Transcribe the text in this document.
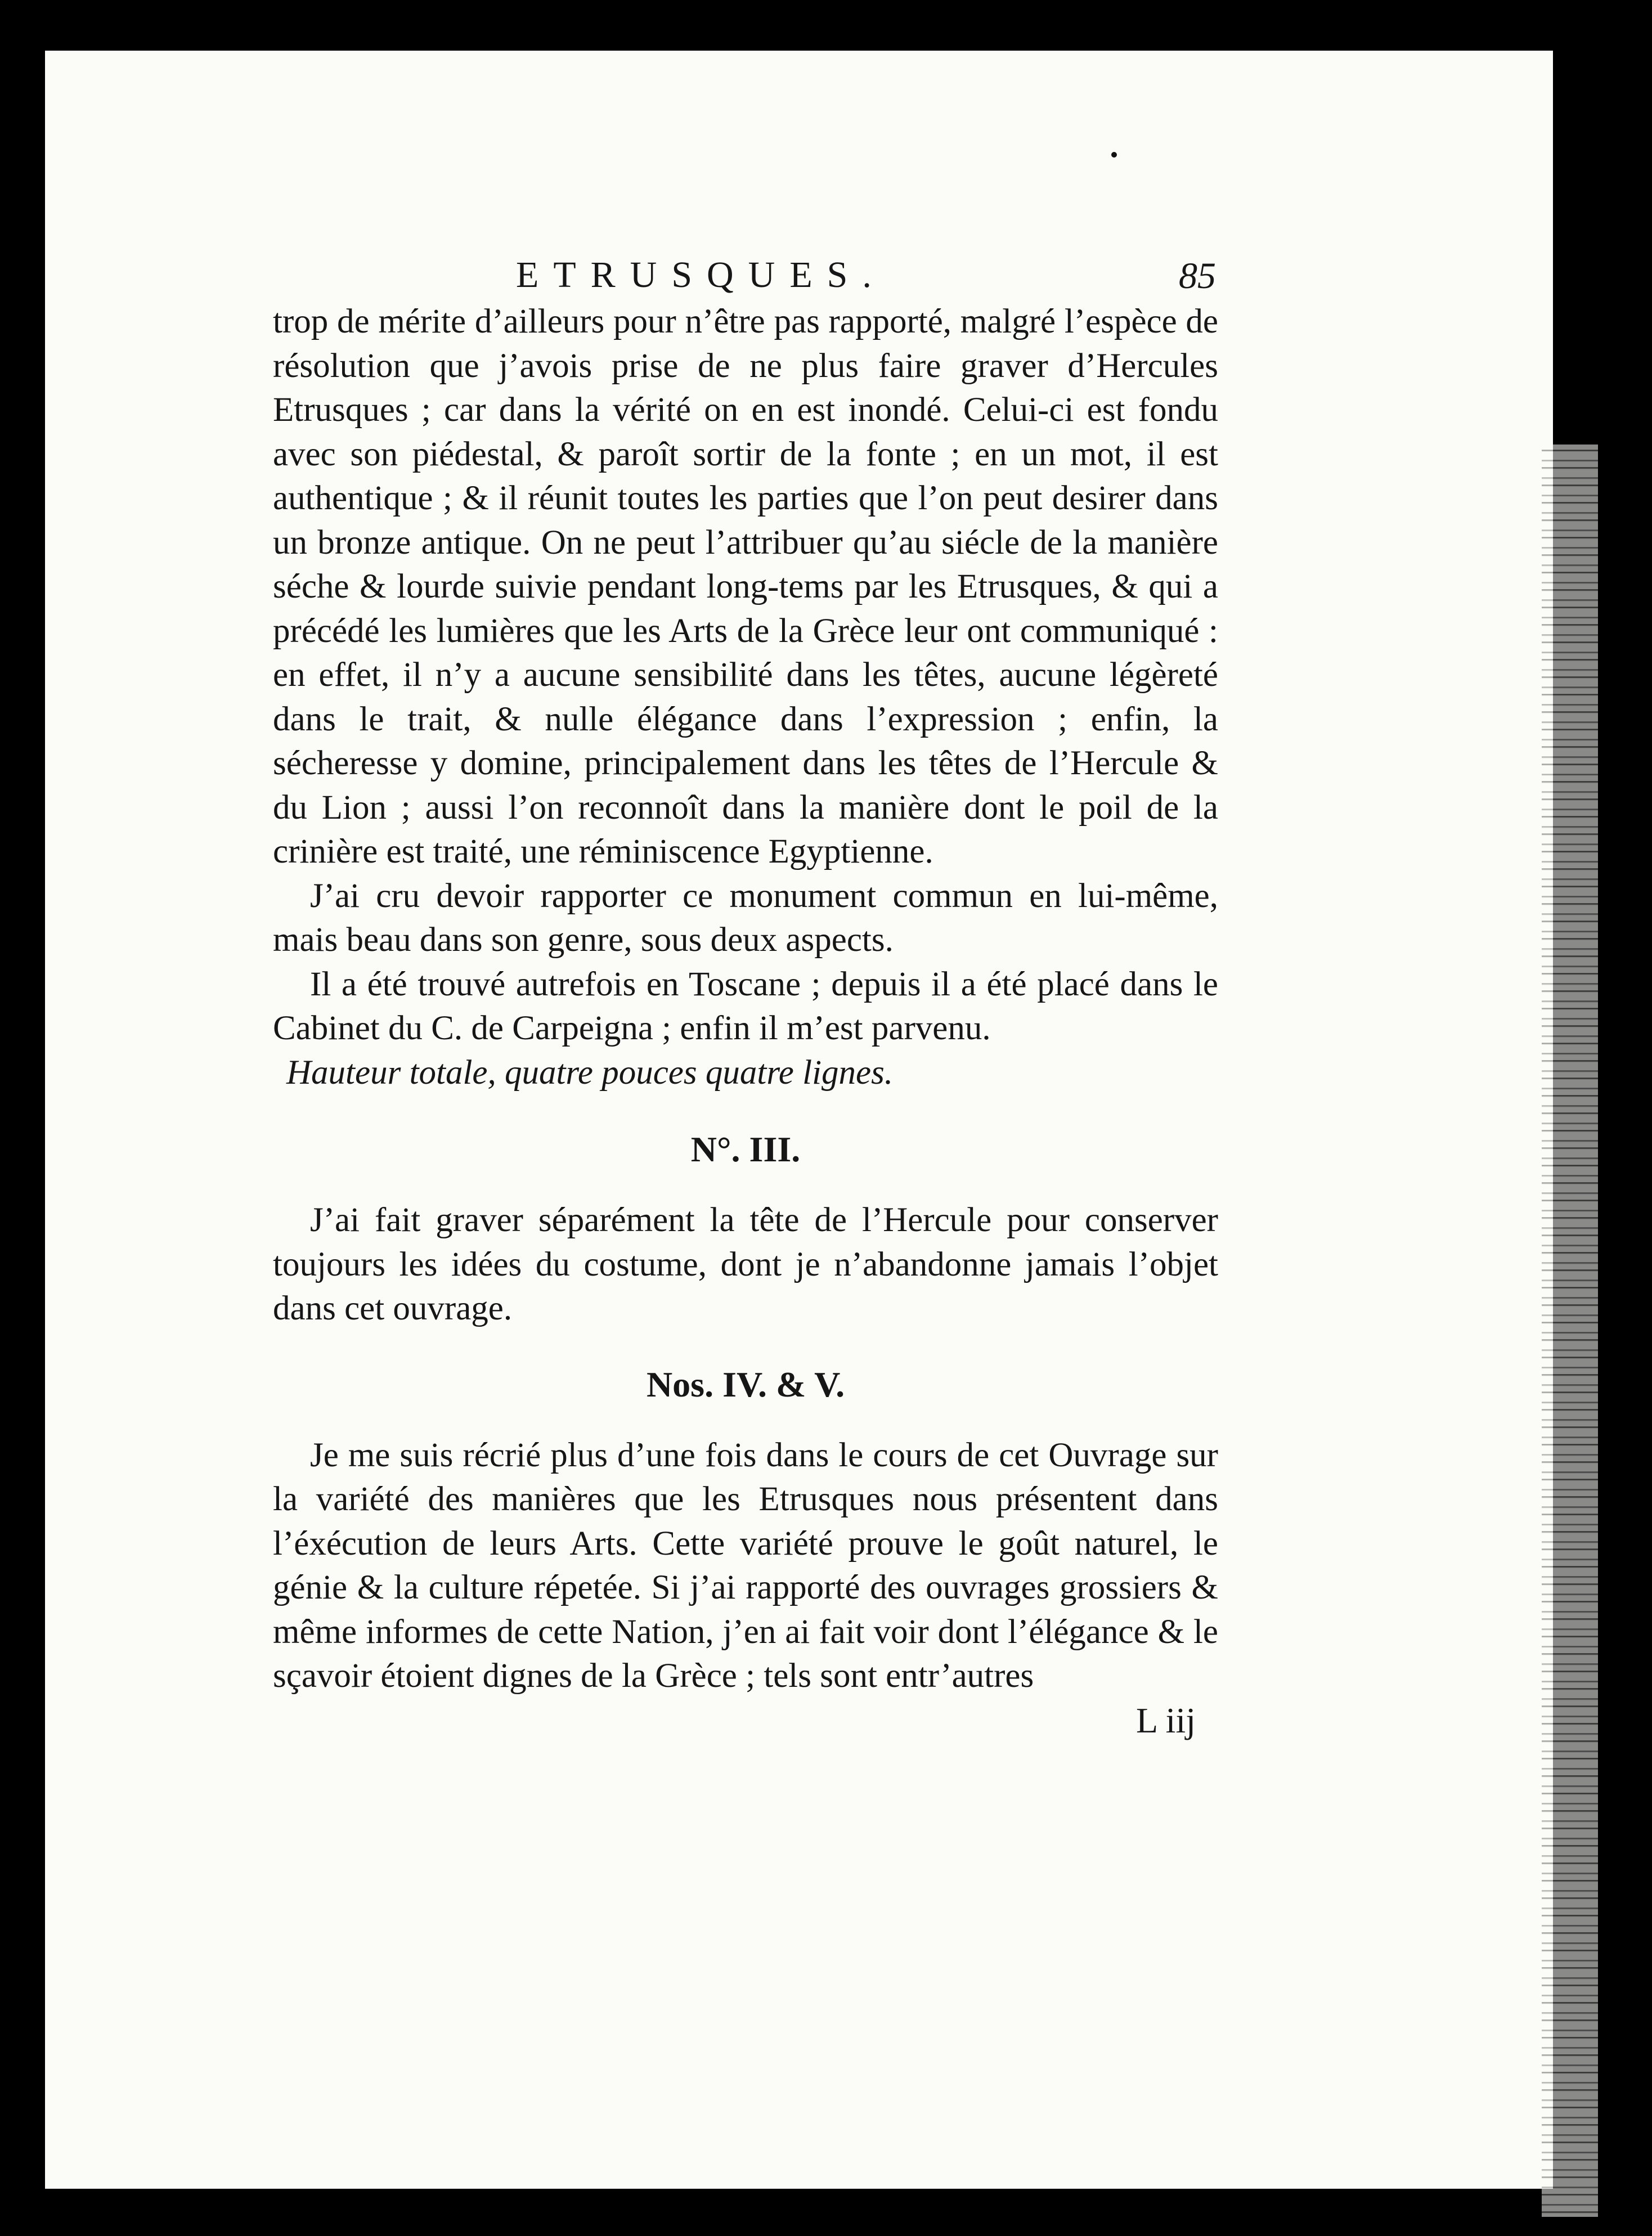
ETRUSQUES.	85

trop de mérite d’ailleurs pour n’être pas rapporté, malgré l’espèce de résolution que j’avois prise de ne plus faire graver d’Hercules Etrusques ; car dans la vérité on en est inondé. Celui-ci est fondu avec son piédestal, & paroît sortir de la fonte ; en un mot, il est authentique ; & il réunit toutes les parties que l’on peut desirer dans un bronze antique. On ne peut l’attribuer qu’au siécle de la manière séche & lourde suivie pendant long-tems par les Etrusques, & qui a précédé les lumières que les Arts de la Grèce leur ont communiqué : en effet, il n’y a aucune sensibilité dans les têtes, aucune légèreté dans le trait, & nulle élégance dans l’expression ; enfin, la sécheresse y domine, principalement dans les têtes de l’Hercule & du Lion ; aussi l’on reconnoît dans la manière dont le poil de la crinière est traité, une réminiscence Egyptienne.

J’ai cru devoir rapporter ce monument commun en lui-même, mais beau dans son genre, sous deux aspects.

Il a été trouvé autrefois en Toscane ; depuis il a été placé dans le Cabinet du C. de Carpeigna ; enfin il m’est parvenu.

Hauteur totale, quatre pouces quatre lignes.

N°. III.

J’ai fait graver séparément la tête de l’Hercule pour conserver toujours les idées du costume, dont je n’abandonne jamais l’objet dans cet ouvrage.

Nos. IV. & V.

Je me suis récrié plus d’une fois dans le cours de cet Ouvrage sur la variété des manières que les Etrusques nous présentent dans l’éxécution de leurs Arts. Cette variété prouve le goût naturel, le génie & la culture répetée. Si j’ai rapporté des ouvrages grossiers & même informes de cette Nation, j’en ai fait voir dont l’élégance & le sçavoir étoient dignes de la Grèce ; tels sont entr’autres

L iij
